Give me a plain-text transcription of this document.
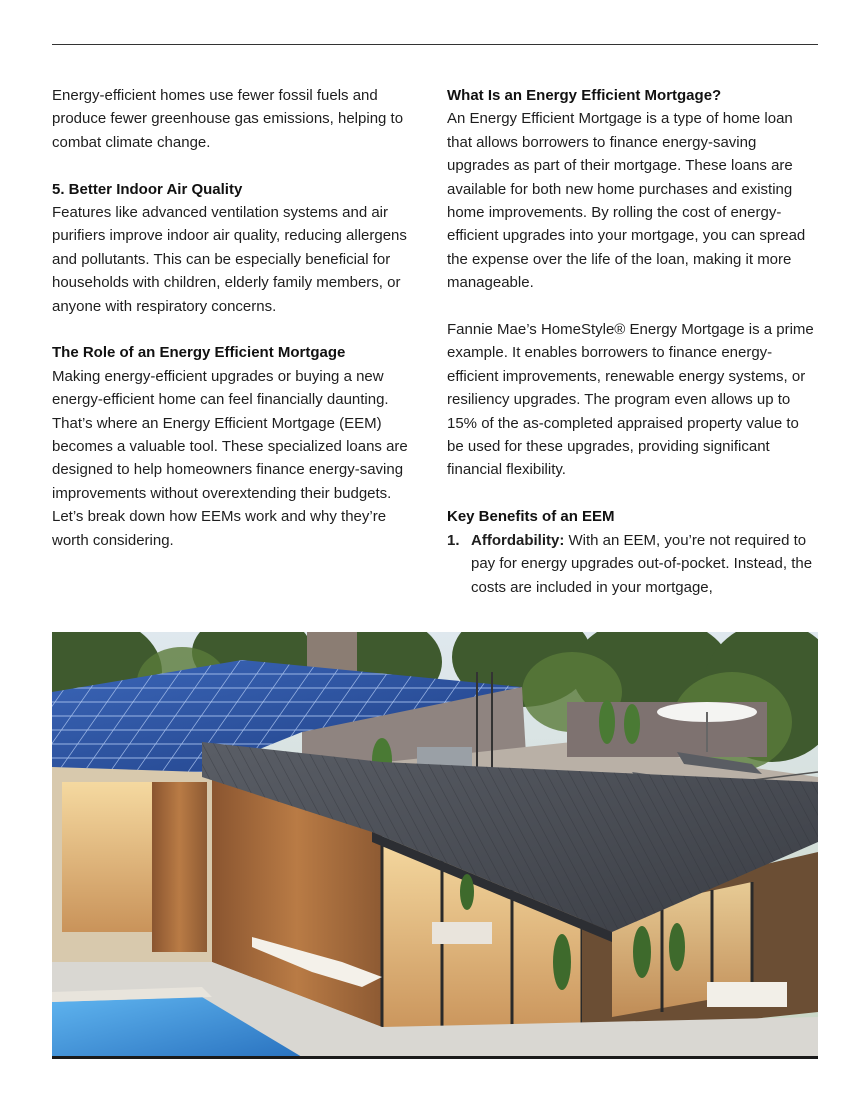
Energy-efficient homes use fewer fossil fuels and produce fewer greenhouse gas emissions, helping to combat climate change.

5. Better Indoor Air Quality

Features like advanced ventilation systems and air purifiers improve indoor air quality, reducing allergens and pollutants. This can be especially beneficial for households with children, elderly family members, or anyone with respiratory concerns.

The Role of an Energy Efficient Mortgage

Making energy-efficient upgrades or buying a new energy-efficient home can feel financially daunting. That’s where an Energy Efficient Mortgage (EEM) becomes a valuable tool. These specialized loans are designed to help homeowners finance energy-saving improvements without overextending their budgets. Let’s break down how EEMs work and why they’re worth considering.

What Is an Energy Efficient Mortgage?

An Energy Efficient Mortgage is a type of home loan that allows borrowers to finance energy-saving upgrades as part of their mortgage. These loans are available for both new home purchases and existing home improvements. By rolling the cost of energy-efficient upgrades into your mortgage, you can spread the expense over the life of the loan, making it more manageable.

Fannie Mae’s HomeStyle® Energy Mortgage is a prime example. It enables borrowers to finance energy-efficient improvements, renewable energy systems, or resiliency upgrades. The program even allows up to 15% of the as-completed appraised property value to be used for these upgrades, providing significant financial flexibility.

Key Benefits of an EEM
1. Affordability: With an EEM, you’re not required to pay for energy upgrades out-of-pocket. Instead, the costs are included in your mortgage,
